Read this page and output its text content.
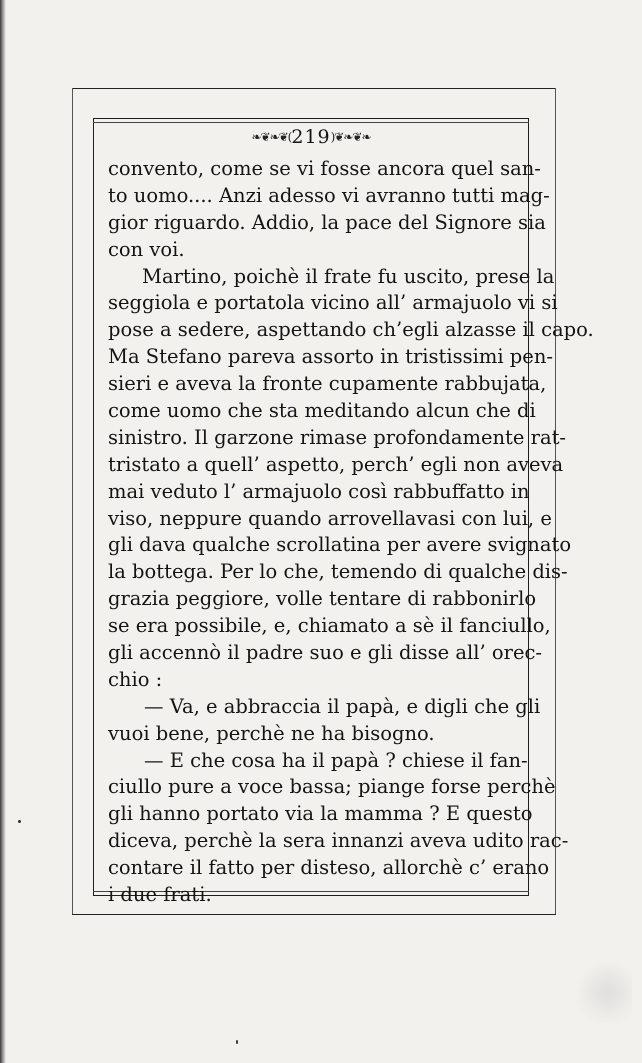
❧❦❧❦(219)❦❧❦❧
convento, come se vi fosse ancora quel san-
to uomo.... Anzi adesso vi avranno tutti mag-
gior riguardo. Addio, la pace del Signore sia
con voi.
Martino, poichè il frate fu uscito, prese la
seggiola e portatola vicino all’ armajuolo vi si
pose a sedere, aspettando ch’egli alzasse il capo.
Ma Stefano pareva assorto in tristissimi pen-
sieri e aveva la fronte cupamente rabbujata,
come uomo che sta meditando alcun che di
sinistro. Il garzone rimase profondamente rat-
tristato a quell’ aspetto, perch’ egli non aveva
mai veduto l’ armajuolo così rabbuffatto in
viso, neppure quando arrovellavasi con lui, e
gli dava qualche scrollatina per avere svignato
la bottega. Per lo che, temendo di qualche dis-
grazia peggiore, volle tentare di rabbonirlo
se era possibile, e, chiamato a sè il fanciullo,
gli accennò il padre suo e gli disse all’ orec-
chio :
— Va, e abbraccia il papà, e digli che gli
vuoi bene, perchè ne ha bisogno.
— E che cosa ha il papà ? chiese il fan-
ciullo pure a voce bassa; piange forse perchè
gli hanno portato via la mamma ? E questo
diceva, perchè la sera innanzi aveva udito rac-
contare il fatto per disteso, allorchè c’ erano
i due frati.
